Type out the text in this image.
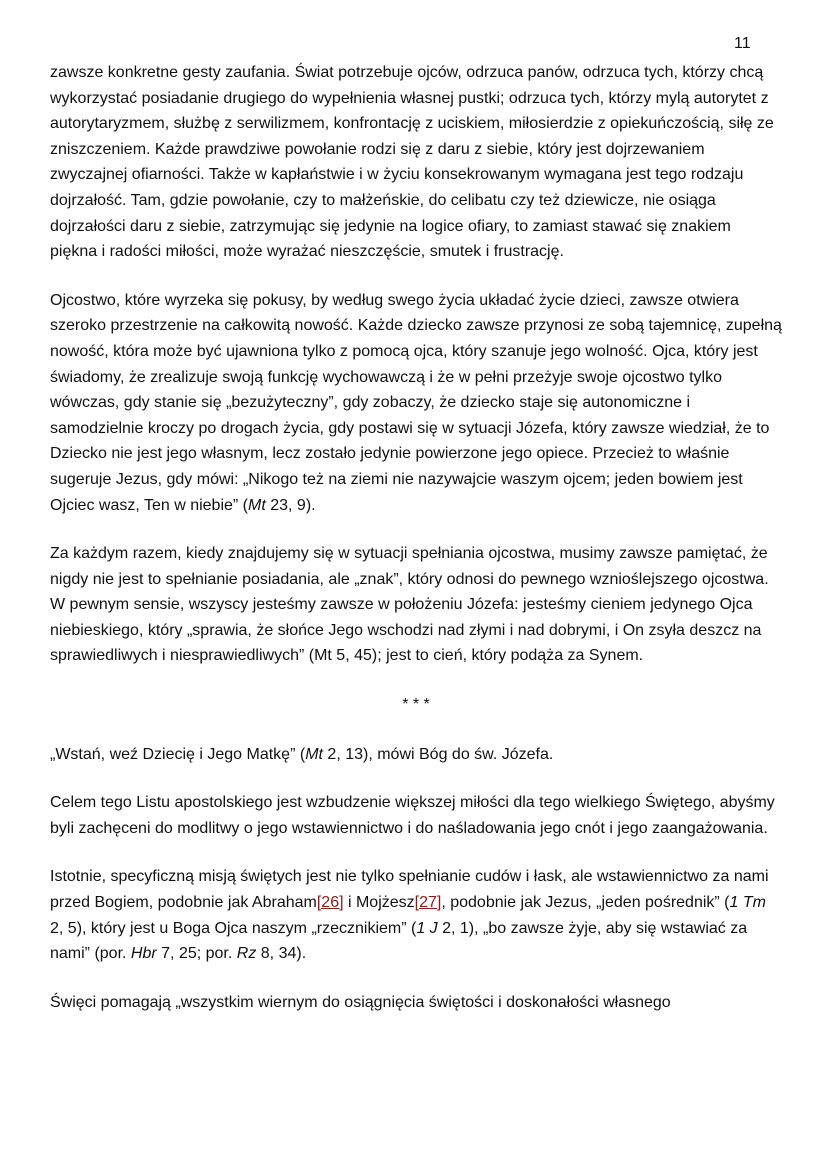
11

zawsze konkretne gesty zaufania. Świat potrzebuje ojców, odrzuca panów, odrzuca tych, którzy chcą wykorzystać posiadanie drugiego do wypełnienia własnej pustki; odrzuca tych, którzy mylą autorytet z autorytaryzmem, służbę z serwilizmem, konfrontację z uciskiem, miłosierdzie z opiekuńczością, siłę ze zniszczeniem. Każde prawdziwe powołanie rodzi się z daru z siebie, który jest dojrzewaniem zwyczajnej ofiarności. Także w kapłaństwie i w życiu konsekrowanym wymagana jest tego rodzaju dojrzałość. Tam, gdzie powołanie, czy to małżeńskie, do celibatu czy też dziewicze, nie osiąga dojrzałości daru z siebie, zatrzymując się jedynie na logice ofiary, to zamiast stawać się znakiem piękna i radości miłości, może wyrażać nieszczęście, smutek i frustrację.

Ojcostwo, które wyrzeka się pokusy, by według swego życia układać życie dzieci, zawsze otwiera szeroko przestrzenie na całkowitą nowość. Każde dziecko zawsze przynosi ze sobą tajemnicę, zupełną nowość, która może być ujawniona tylko z pomocą ojca, który szanuje jego wolność. Ojca, który jest świadomy, że zrealizuje swoją funkcję wychowawczą i że w pełni przeżyje swoje ojcostwo tylko wówczas, gdy stanie się „bezużyteczny”, gdy zobaczy, że dziecko staje się autonomiczne i samodzielnie kroczy po drogach życia, gdy postawi się w sytuacji Józefa, który zawsze wiedział, że to Dziecko nie jest jego własnym, lecz zostało jedynie powierzone jego opiece. Przecież to właśnie sugeruje Jezus, gdy mówi: „Nikogo też na ziemi nie nazywajcie waszym ojcem; jeden bowiem jest Ojciec wasz, Ten w niebie” (Mt 23, 9).

Za każdym razem, kiedy znajdujemy się w sytuacji spełniania ojcostwa, musimy zawsze pamiętać, że nigdy nie jest to spełnianie posiadania, ale „znak”, który odnosi do pewnego wznioślejszego ojcostwa. W pewnym sensie, wszyscy jesteśmy zawsze w położeniu Józefa: jesteśmy cieniem jedynego Ojca niebieskiego, który „sprawia, że słońce Jego wschodzi nad złymi i nad dobrymi, i On zsyła deszcz na sprawiedliwych i niesprawiedliwych” (Mt 5, 45); jest to cień, który podąża za Synem.

* * *

„Wstań, weź Dziecię i Jego Matkę” (Mt 2, 13), mówi Bóg do św. Józefa.

Celem tego Listu apostolskiego jest wzbudzenie większej miłości dla tego wielkiego Świętego, abyśmy byli zachęceni do modlitwy o jego wstawiennictwo i do naśladowania jego cnót i jego zaangażowania.

Istotnie, specyficzną misją świętych jest nie tylko spełnianie cudów i łask, ale wstawiennictwo za nami przed Bogiem, podobnie jak Abraham[26] i Mojżesz[27], podobnie jak Jezus, „jeden pośrednik” (1 Tm 2, 5), który jest u Boga Ojca naszym „rzecznikiem” (1 J 2, 1), „bo zawsze żyje, aby się wstawiać za nami” (por. Hbr 7, 25; por. Rz 8, 34).

Święci pomagają „wszystkim wiernym do osiągnięcia świętości i doskonałości własnego
